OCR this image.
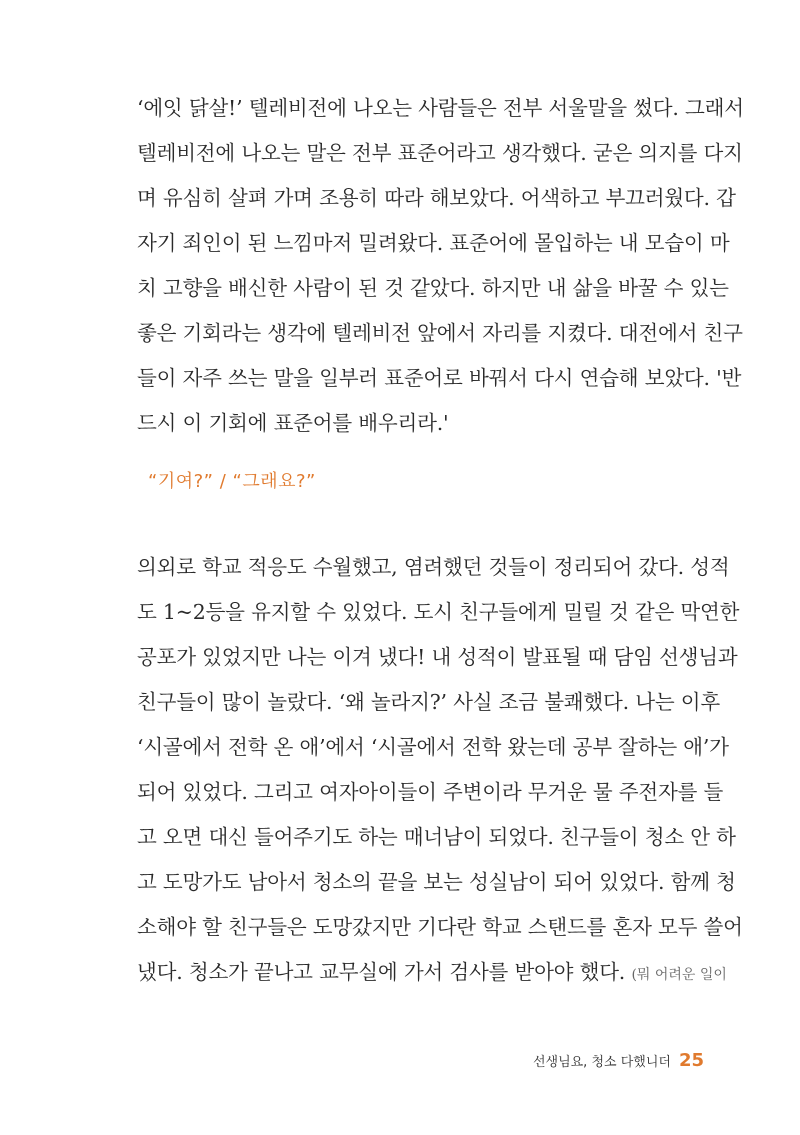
‘에잇 닭살!’ 텔레비전에 나오는 사람들은 전부 서울말을 썼다. 그래서
텔레비전에 나오는 말은 전부 표준어라고 생각했다. 굳은 의지를 다지
며 유심히 살펴 가며 조용히 따라 해보았다. 어색하고 부끄러웠다. 갑
자기 죄인이 된 느낌마저 밀려왔다. 표준어에 몰입하는 내 모습이 마
치 고향을 배신한 사람이 된 것 같았다. 하지만 내 삶을 바꿀 수 있는
좋은 기회라는 생각에 텔레비전 앞에서 자리를 지켰다. 대전에서 친구
들이 자주 쓰는 말을 일부러 표준어로 바꿔서 다시 연습해 보았다. '반
드시 이 기회에 표준어를 배우리라.'
“기여?” / “그래요?”
의외로 학교 적응도 수월했고, 염려했던 것들이 정리되어 갔다. 성적
도 1~2등을 유지할 수 있었다. 도시 친구들에게 밀릴 것 같은 막연한
공포가 있었지만 나는 이겨 냈다! 내 성적이 발표될 때 담임 선생님과
친구들이 많이 놀랐다. ‘왜 놀라지?’ 사실 조금 불쾌했다. 나는 이후
‘시골에서 전학 온 애’에서 ‘시골에서 전학 왔는데 공부 잘하는 애’가
되어 있었다. 그리고 여자아이들이 주변이라 무거운 물 주전자를 들
고 오면 대신 들어주기도 하는 매너남이 되었다. 친구들이 청소 안 하
고 도망가도 남아서 청소의 끝을 보는 성실남이 되어 있었다. 함께 청
소해야 할 친구들은 도망갔지만 기다란 학교 스탠드를 혼자 모두 쓸어
냈다. 청소가 끝나고 교무실에 가서 검사를 받아야 했다. (뭐 어려운 일이
선생님요, 청소 다했니더 25
